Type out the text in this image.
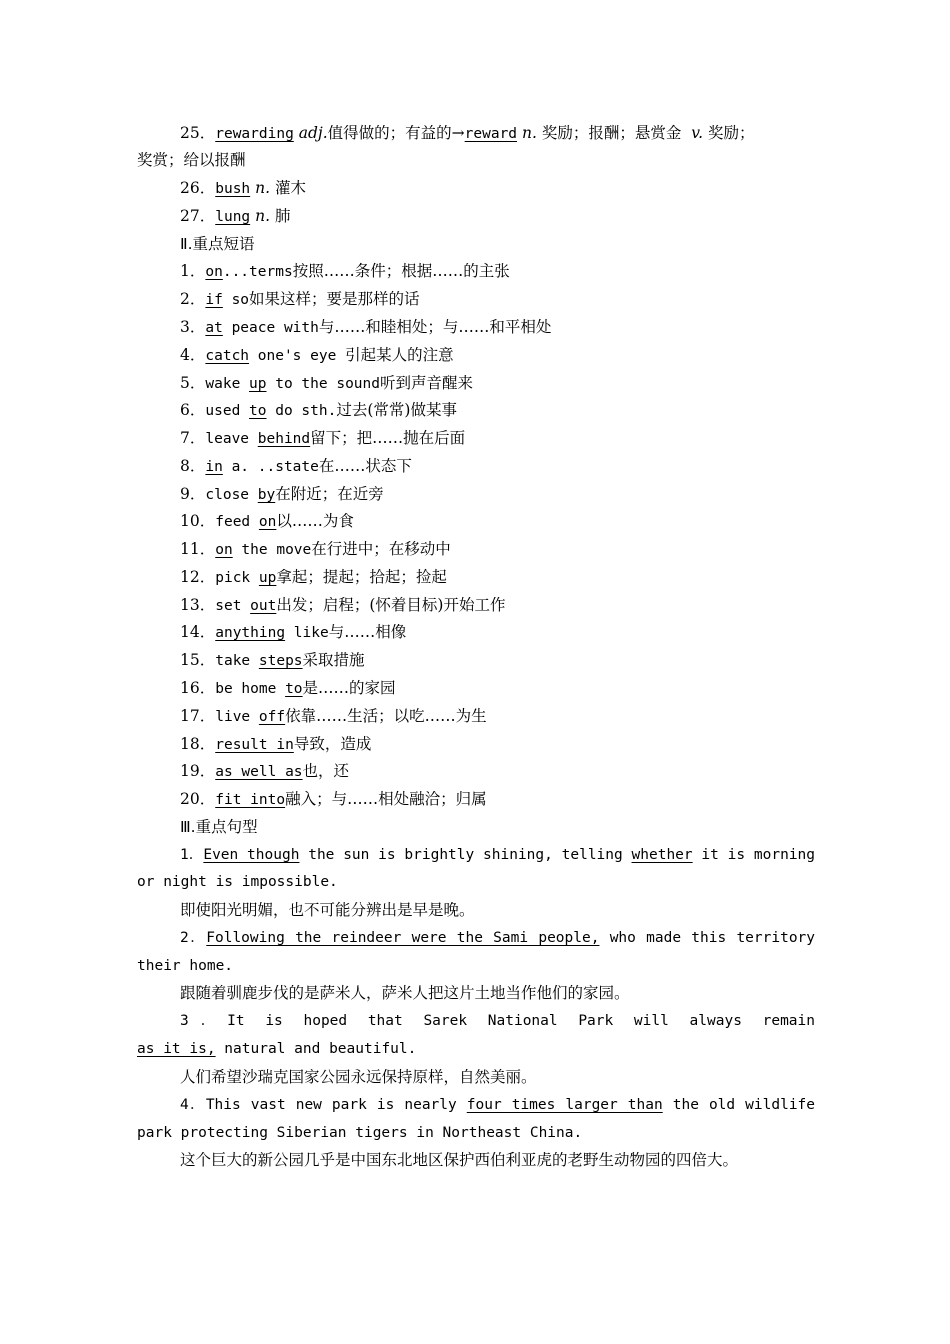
25．rewarding adj.值得做的；有益的→reward n. 奖励；报酬；悬赏金 v. 奖励；
奖赏；给以报酬
26．bush n. 灌木
27．lung n. 肺
Ⅱ.重点短语
1．on...terms按照……条件；根据……的主张
2．if so如果这样；要是那样的话
3．at peace with与……和睦相处；与……和平相处
4．catch one's eye 引起某人的注意
5．wake up to the sound听到声音醒来
6．used to do sth.过去(常常)做某事
7．leave behind留下；把……抛在后面
8．in a. ..state在……状态下
9．close by在附近；在近旁
10．feed on以……为食
11．on the move在行进中；在移动中
12．pick up拿起；提起；拾起；捡起
13．set out出发；启程；(怀着目标)开始工作
14．anything like与……相像
15．take steps采取措施
16．be home to是……的家园
17．live off依靠……生活；以吃……为生
18．result in导致，造成
19．as well as也，还
20．fit into融入；与……相处融洽；归属
Ⅲ.重点句型
1．Even though the sun is brightly shining, telling whether it is morning
or night is impossible.
即使阳光明媚，也不可能分辨出是早是晚。
2．Following the reindeer were the Sami people, who made this territory
their home.
跟随着驯鹿步伐的是萨米人，萨米人把这片土地当作他们的家园。
3．It is hoped that Sarek National Park will always remain
as it is, natural and beautiful.
人们希望沙瑞克国家公园永远保持原样，自然美丽。
4．This vast new park is nearly four times larger than the old wildlife
park protecting Siberian tigers in Northeast China.
这个巨大的新公园几乎是中国东北地区保护西伯利亚虎的老野生动物园的四倍大。
